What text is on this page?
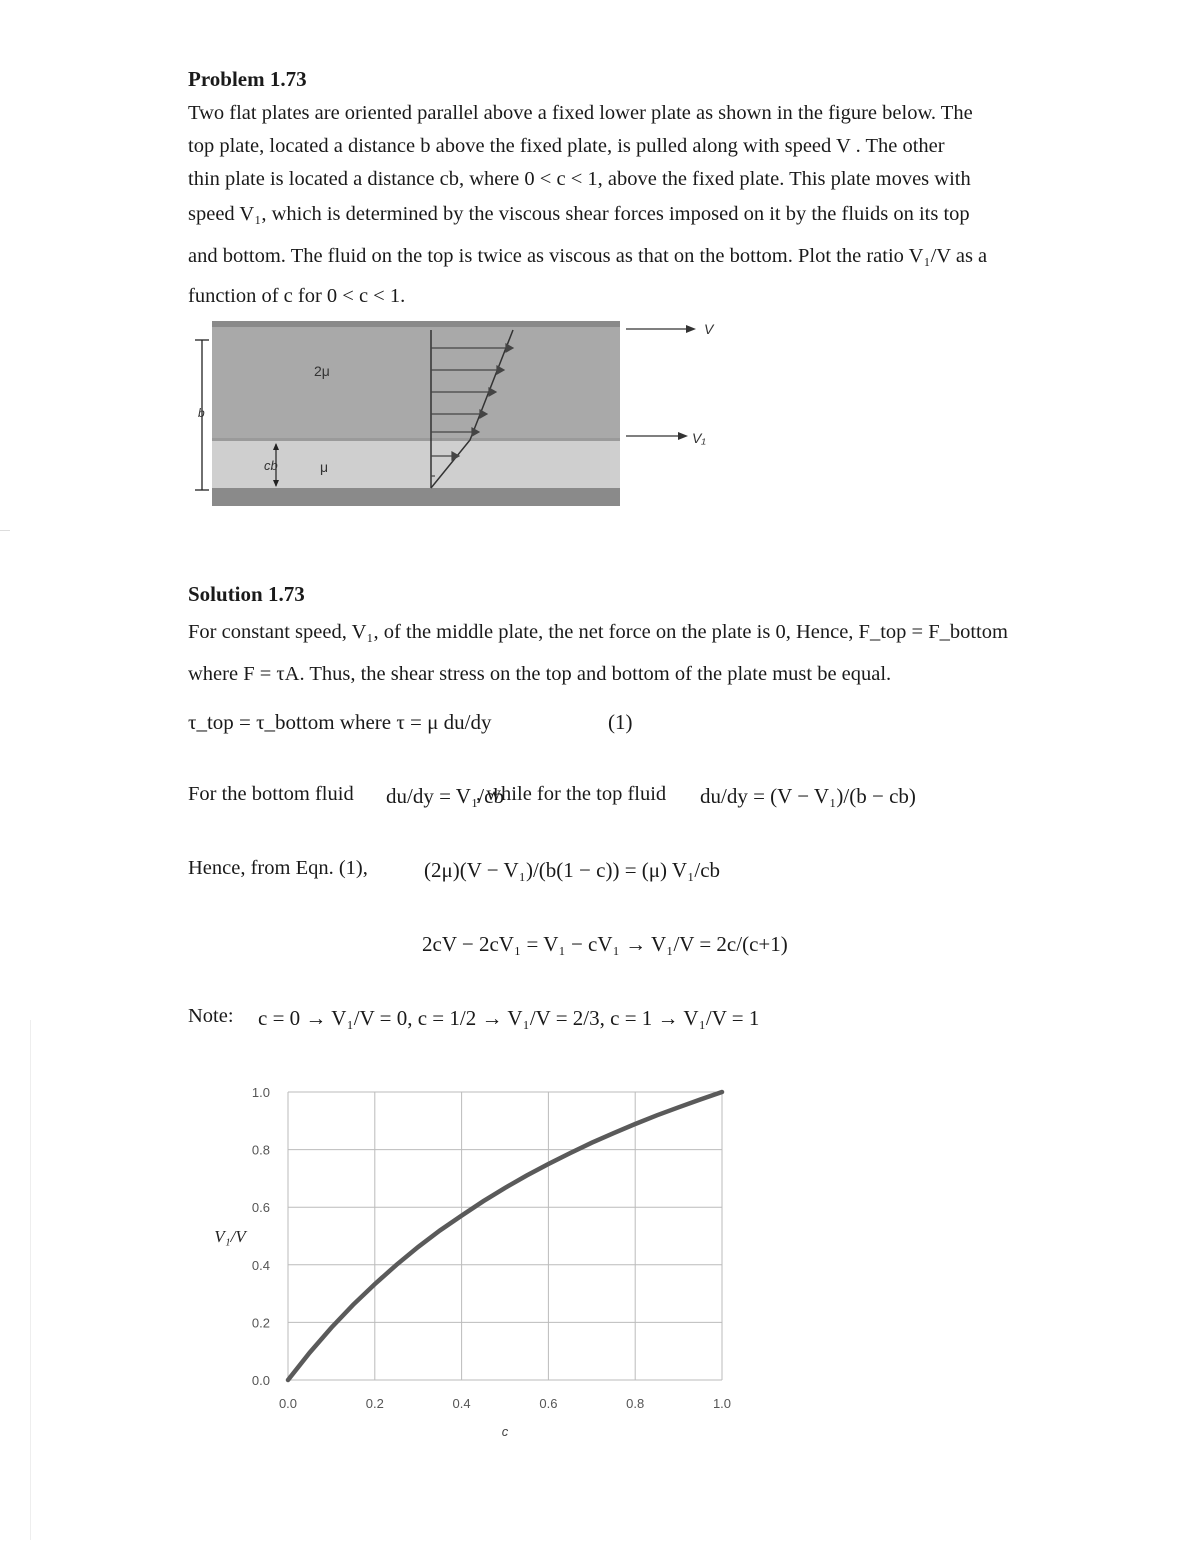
Problem 1.73
Two flat plates are oriented parallel above a fixed lower plate as shown in the figure below. The
top plate, located a distance b above the fixed plate, is pulled along with speed V . The other
thin plate is located a distance cb, where 0 < c < 1, above the fixed plate. This plate moves with
speed V₁, which is determined by the viscous shear forces imposed on it by the fluids on its top
and bottom. The fluid on the top is twice as viscous as that on the bottom. Plot the ratio V₁/V as a
function of c for 0 < c < 1.
2μ
μ
b
cb
V
V₁
Solution 1.73
For constant speed, V₁, of the middle plate, the net force on the plate is 0, Hence, F_top = F_bottom
where F = τA. Thus, the shear stress on the top and bottom of the plate must be equal.
τ_top = τ_bottom where τ = μ du/dy	(1)
For the bottom fluid du/dy = V₁/cb
, while for the top fluid du/dy = (V − V₁)/(b − cb)
Hence, from Eqn. (1),	(2μ)(V − V₁)/(b(1 − c)) = (μ) V₁/cb
2cV − 2cV₁ = V₁ − cV₁ → V₁/V = 2c/(c+1)
Note: c = 0 → V₁/V = 0, c = 1/2 → V₁/V = 2/3, c = 1 → V₁/V = 1
0.0
0.2
0.4
0.6
0.8
1.0
0.0	0.2	0.4	0.6	0.8	1.0
c
V₁/V
